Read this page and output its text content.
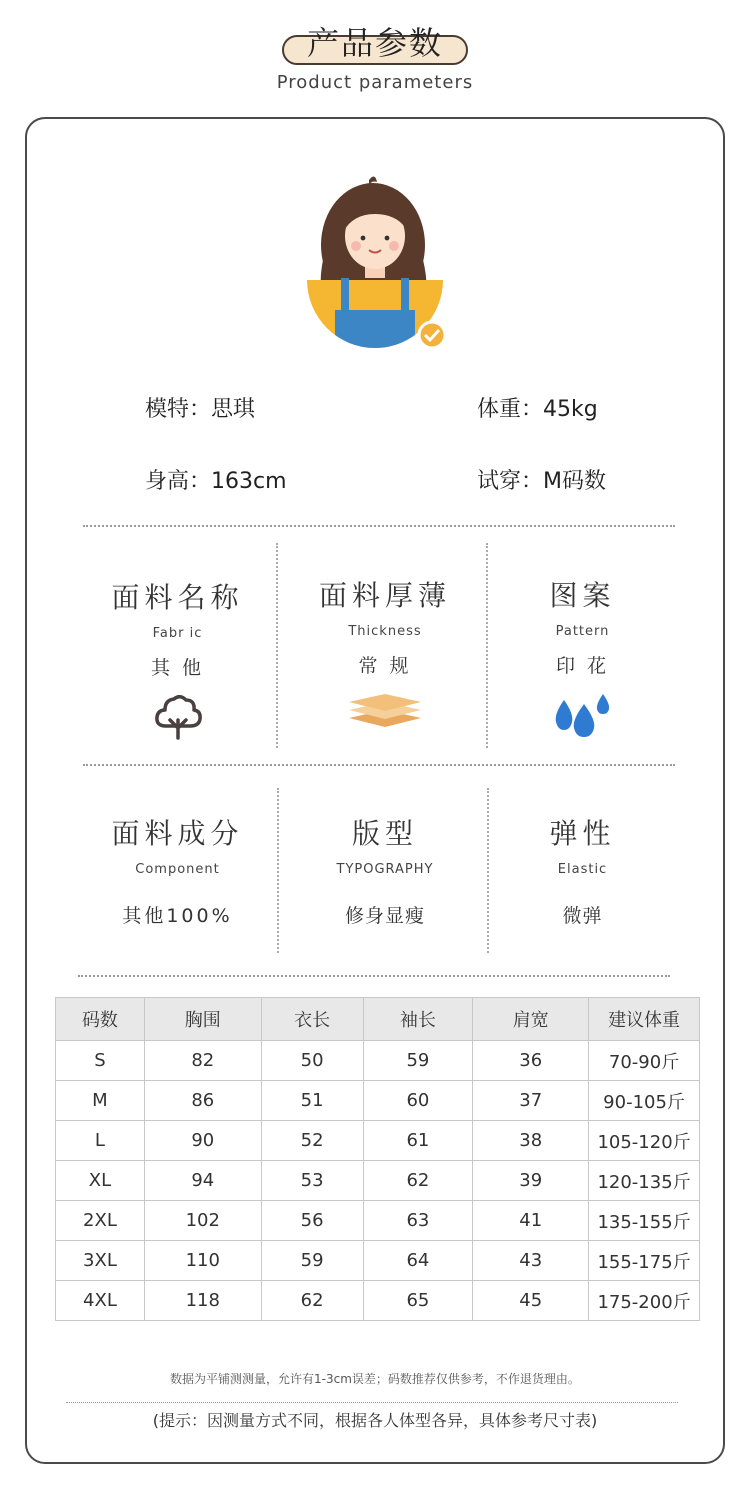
产品参数
Product parameters
模特：思琪	体重：45kg
身高：163cm	试穿：M码数
面料名称
Fabr ic
其 他
面料厚薄
Thickness
常 规
图案
Pattern
印 花
面料成分
Component
其他100%
版型
TYPOGRAPHY
修身显瘦
弹性
Elastic
微弹
码数	胸围	衣长	袖长	肩宽	建议体重
S	82	50	59	36	70-90斤
M	86	51	60	37	90-105斤
L	90	52	61	38	105-120斤
XL	94	53	62	39	120-135斤
2XL	102	56	63	41	135-155斤
3XL	110	59	64	43	155-175斤
4XL	118	62	65	45	175-200斤
数据为平铺测测量，允许有1-3cm误差；码数推荐仅供参考，不作退货理由。
(提示：因测量方式不同，根据各人体型各异，具体参考尺寸表)
